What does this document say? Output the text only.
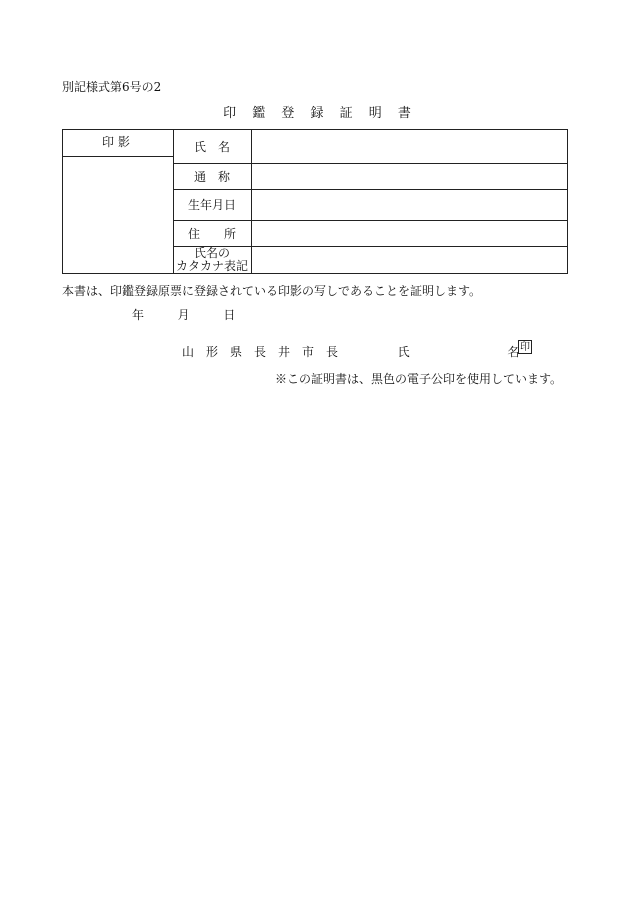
別記様式第6号の2
印 鑑 登 録 証 明 書
印影	氏　名
通　称
生年月日
住　　所
氏名の
カタカナ表記
本書は、印鑑登録原票に登録されている印影の写しであることを証明します。
年	月	日
山　形　県　長　井　市　長	氏	名 印
※この証明書は、黒色の電子公印を使用しています。
